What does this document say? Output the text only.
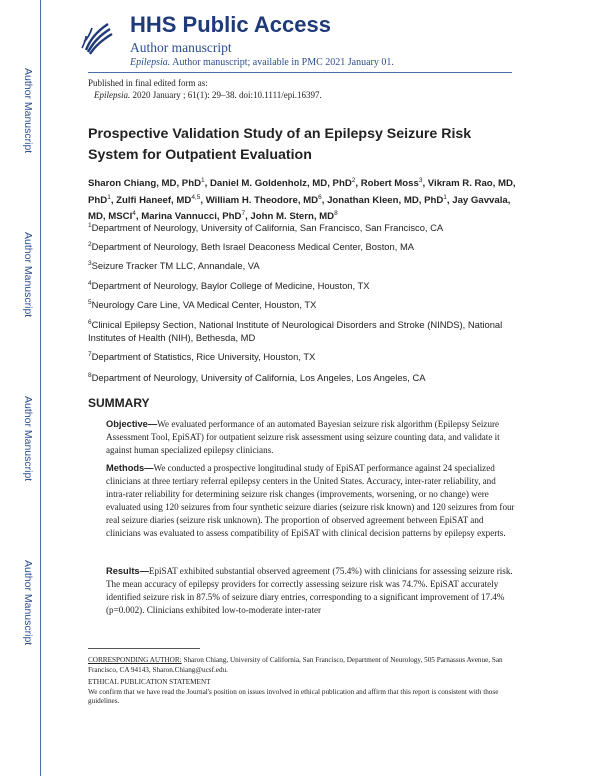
Author Manuscript
Author Manuscript
Author Manuscript
Author Manuscript
HHS Public Access
Author manuscript
Epilepsia. Author manuscript; available in PMC 2021 January 01.
Published in final edited form as:
Epilepsia. 2020 January ; 61(1): 29–38. doi:10.1111/epi.16397.
Prospective Validation Study of an Epilepsy Seizure Risk System for Outpatient Evaluation
Sharon Chiang, MD, PhD$^1$, Daniel M. Goldenholz, MD, PhD$^2$, Robert Moss$^3$, Vikram R. Rao, MD, PhD$^1$, Zulfi Haneef, MD$^{4,5}$, William H. Theodore, $MD^6$, Jonathan Kleen, MD, PhD$^1$, Jay Gavvala, MD, MSCI$^4$, Marina Vannucci, PhD$^7$, John M. Stern, $MD^8$
$^1$Department of Neurology, University of California, San Francisco, San Francisco, CA
$^2$Department of Neurology, Beth Israel Deaconess Medical Center, Boston, MA
$^3$Seizure Tracker TM LLC, Annandale, VA
$^4$Department of Neurology, Baylor College of Medicine, Houston, TX
$^5$Neurology Care Line, VA Medical Center, Houston, TX
$^6$Clinical Epilepsy Section, National Institute of Neurological Disorders and Stroke (NINDS), National Institutes of Health (NIH), Bethesda, MD
$^7$Department of Statistics, Rice University, Houston, TX
$^8$Department of Neurology, University of California, Los Angeles, Los Angeles, CA
SUMMARY
Objective—We evaluated performance of an automated Bayesian seizure risk algorithm (Epilepsy Seizure Assessment Tool, EpiSAT) for outpatient seizure risk assessment using seizure counting data, and validate it against human specialized epilepsy clinicians.
Methods—We conducted a prospective longitudinal study of EpiSAT performance against 24 specialized clinicians at three tertiary referral epilepsy centers in the United States. Accuracy, inter-rater reliability, and intra-rater reliability for determining seizure risk changes (improvements, worsening, or no change) were evaluated using 120 seizures from four synthetic seizure diaries (seizure risk known) and 120 seizures from four real seizure diaries (seizure risk unknown). The proportion of observed agreement between EpiSAT and clinicians was evaluated to assess compatibility of EpiSAT with clinical decision patterns by epilepsy experts.
Results—EpiSAT exhibited substantial observed agreement (75.4%) with clinicians for assessing seizure risk. The mean accuracy of epilepsy providers for correctly assessing seizure risk was 74.7%. EpiSAT accurately identified seizure risk in 87.5% of seizure diary entries, corresponding to a significant improvement of 17.4% (p=0.002). Clinicians exhibited low-to-moderate inter-rater
CORRESPONDING AUTHOR: Sharon Chiang, University of California, San Francisco, Department of Neurology, 505 Parnassus Avenue, San Francisco, CA 94143, Sharon.Chiang@ucsf.edu.
ETHICAL PUBLICATION STATEMENT
We confirm that we have read the Journal's position on issues involved in ethical publication and affirm that this report is consistent with those guidelines.
